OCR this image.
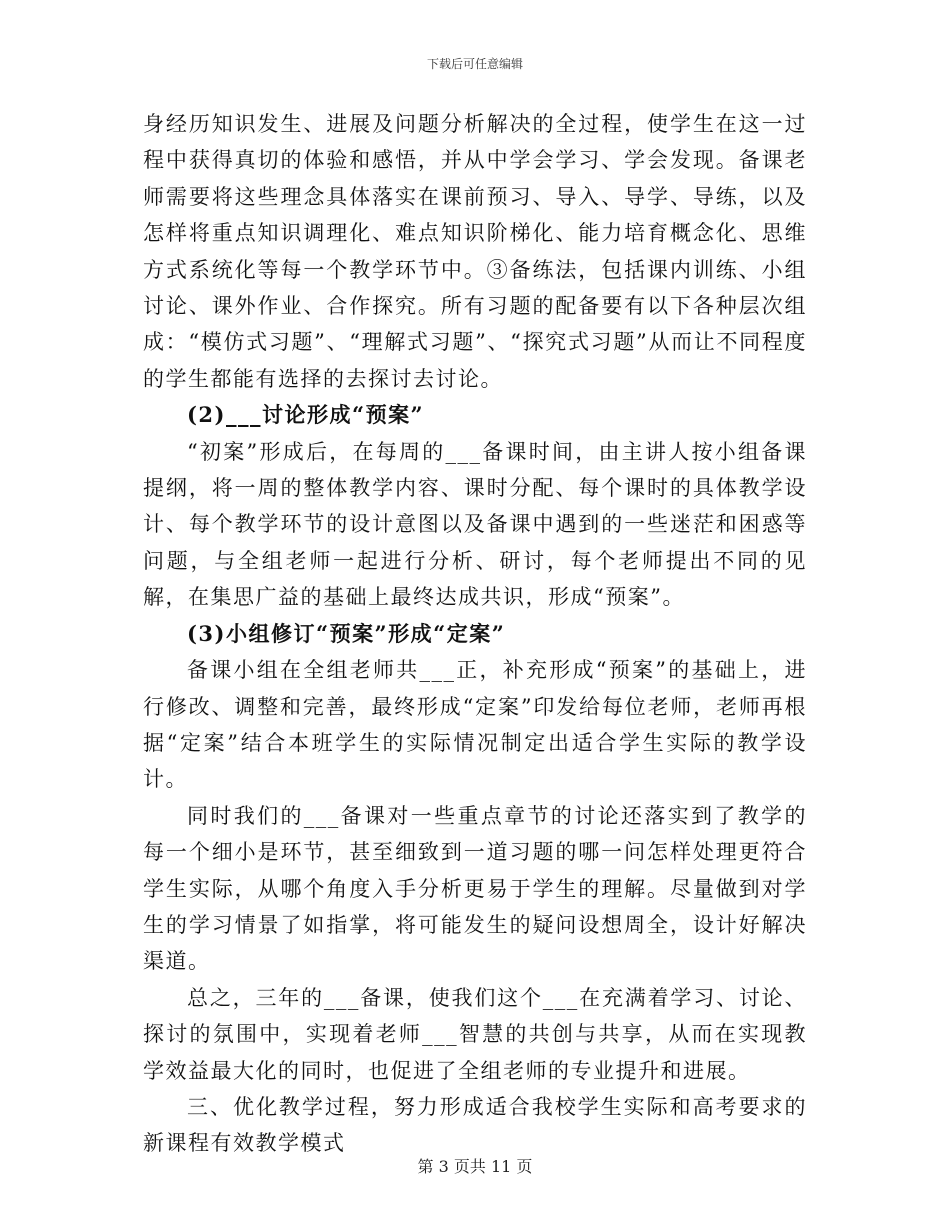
下载后可任意编辑

身经历知识发生、进展及问题分析解决的全过程，使学生在这一过程中获得真切的体验和感悟，并从中学会学习、学会发现。备课老师需要将这些理念具体落实在课前预习、导入、导学、导练，以及怎样将重点知识调理化、难点知识阶梯化、能力培育概念化、思维方式系统化等每一个教学环节中。③备练法，包括课内训练、小组讨论、课外作业、合作探究。所有习题的配备要有以下各种层次组成：“模仿式习题”、“理解式习题”、“探究式习题”从而让不同程度的学生都能有选择的去探讨去讨论。

(2)___讨论形成“预案”

“初案”形成后，在每周的___备课时间，由主讲人按小组备课提纲，将一周的整体教学内容、课时分配、每个课时的具体教学设计、每个教学环节的设计意图以及备课中遇到的一些迷茫和困惑等问题，与全组老师一起进行分析、研讨，每个老师提出不同的见解，在集思广益的基础上最终达成共识，形成“预案”。

(3)小组修订“预案”形成“定案”

备课小组在全组老师共___正，补充形成“预案”的基础上，进行修改、调整和完善，最终形成“定案”印发给每位老师，老师再根据“定案”结合本班学生的实际情况制定出适合学生实际的教学设计。

同时我们的___备课对一些重点章节的讨论还落实到了教学的每一个细小是环节，甚至细致到一道习题的哪一问怎样处理更符合学生实际，从哪个角度入手分析更易于学生的理解。尽量做到对学生的学习情景了如指掌，将可能发生的疑问设想周全，设计好解决渠道。

总之，三年的___备课，使我们这个___在充满着学习、讨论、探讨的氛围中，实现着老师___智慧的共创与共享，从而在实现教学效益最大化的同时，也促进了全组老师的专业提升和进展。

三、优化教学过程，努力形成适合我校学生实际和高考要求的新课程有效教学模式

第 3 页共 11 页
